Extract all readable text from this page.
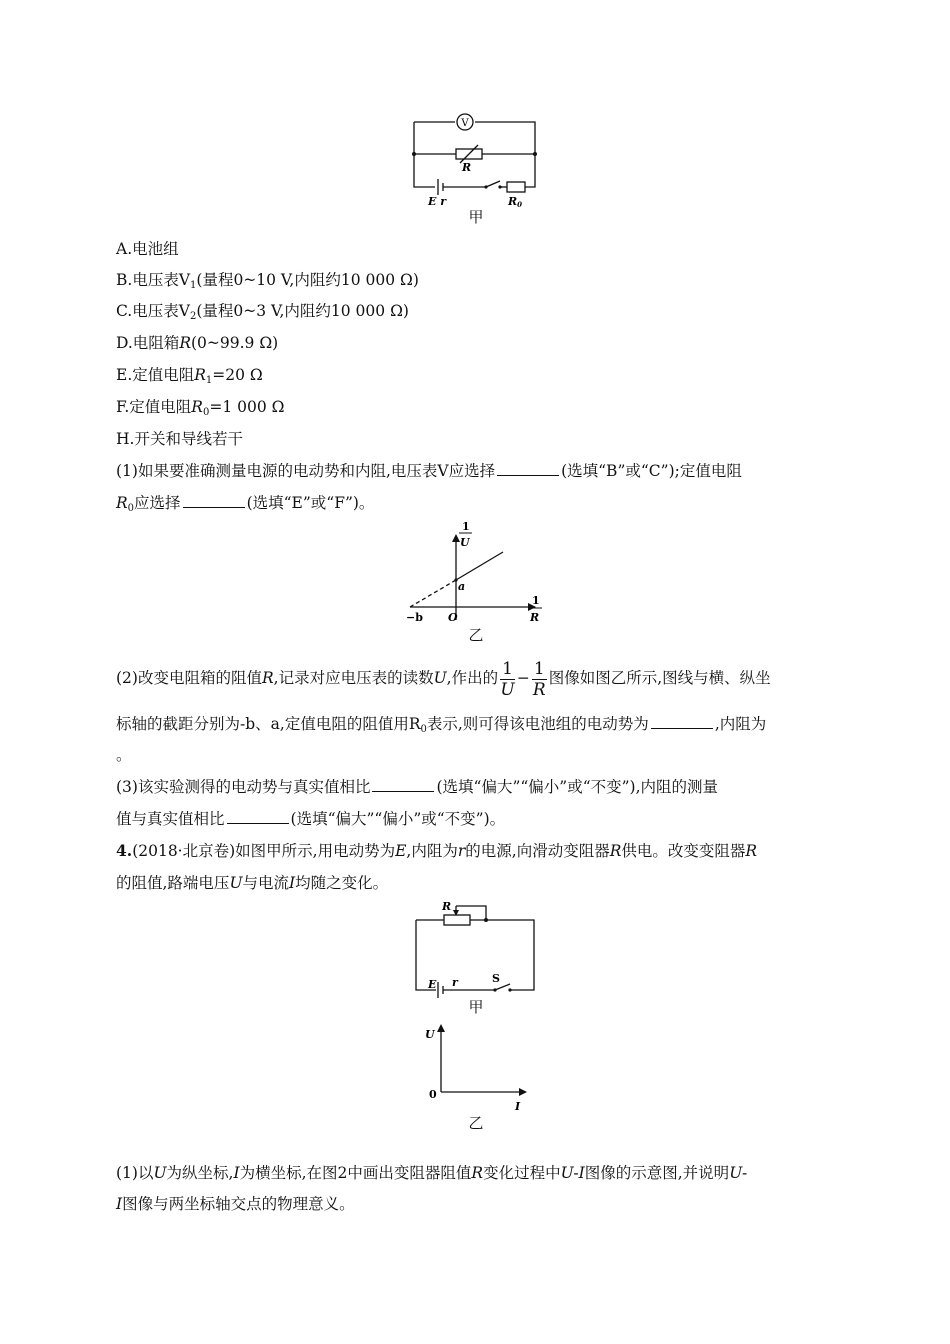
V
R
E r	R0
甲
A.电池组
B.电压表$V_1$(量程0~10 V,内阻约10 000 Ω)
C.电压表$V_2$(量程0~3 V,内阻约10 000 Ω)
D.电阻箱R(0~99.9 Ω)
E.定值电阻$R_1=20$ Ω
F.定值电阻$R_0=1$ 000 Ω
H.开关和导线若干
(1)如果要准确测量电源的电动势和内阻,电压表V应选择	(选填“B”或“C”);定值电阻
$R_0$应选择	(选填“E”或“F”)。
1
U
1
R
a
−b O
乙
(2)改变电阻箱的阻值R,记录对应电压表的读数U,作出的 $\frac{1}{U} - \frac{1}{R}$ 图像如图乙所示,图线与横、纵坐
标轴的截距分别为-b、a,定值电阻的阻值用$R_0$表示,则可得该电池组的电动势为	,内阻为
。
(3)该实验测得的电动势与真实值相比	(选填“偏大”“偏小”或“不变”),内阻的测量
值与真实值相比	(选填“偏大”“偏小”或“不变”)。
4.(2018·北京卷)如图甲所示,用电动势为E,内阻为r的电源,向滑动变阻器R供电。改变变阻器R
的阻值,路端电压U与电流I均随之变化。
R
E r	S
甲
U
I
0
乙
(1)以U为纵坐标,I为横坐标,在图2中画出变阻器阻值R变化过程中U-I图像的示意图,并说明U-
I图像与两坐标轴交点的物理意义。
